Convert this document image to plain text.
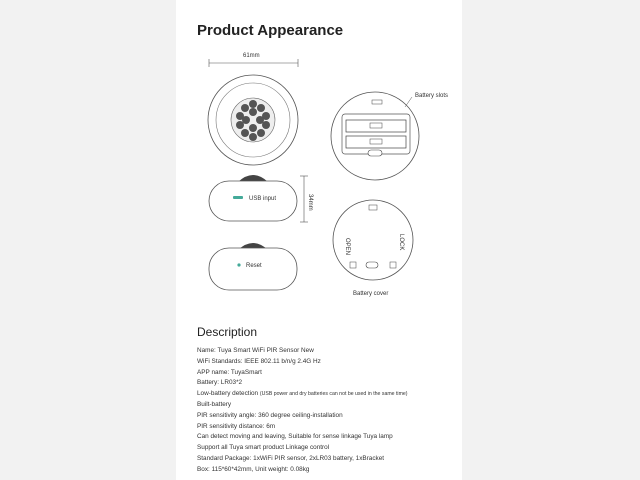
Product Appearance
61mm
USB input	34mm
Reset
Battery slots
OPEN	LOCK
Battery cover
Description
Name: Tuya Smart WiFi PIR Sensor New
WiFi Standards: IEEE 802.11 b/n/g 2.4G Hz
APP name: TuyaSmart
Battery: LR03*2
Low-battery detection (USB power and dry batteries can not be used in the same time)
Built-battery
PIR sensitivity angle: 360 degree ceiling-installation
PIR sensitivity distance: 6m
Can detect moving and leaving, Suitable for sense linkage Tuya lamp
Support all Tuya smart product Linkage control
Standard Package: 1xWiFi PIR sensor, 2xLR03 battery, 1xBracket
Box: 115*60*42mm, Unit weight: 0.08kg
